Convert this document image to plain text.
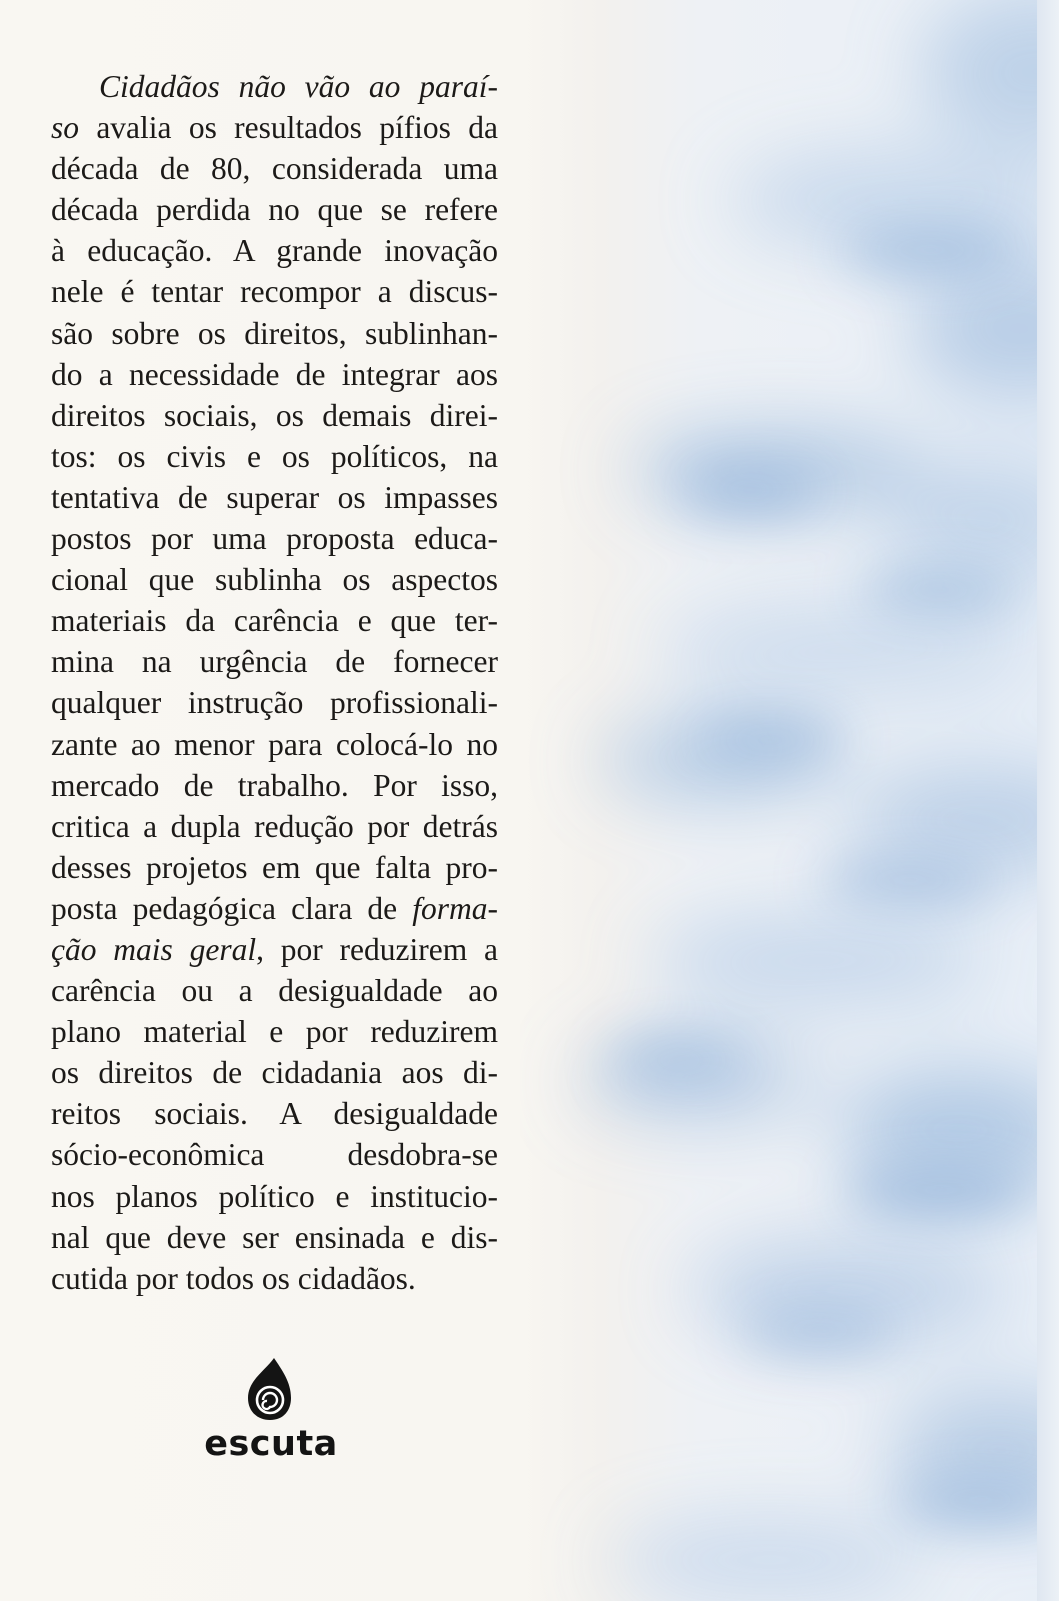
Cidadãos não vão ao paraí-
so avalia os resultados pífios da
década de 80, considerada uma
década perdida no que se refere
à educação. A grande inovação
nele é tentar recompor a discus-
são sobre os direitos, sublinhan-
do a necessidade de integrar aos
direitos sociais, os demais direi-
tos: os civis e os políticos, na
tentativa de superar os impasses
postos por uma proposta educa-
cional que sublinha os aspectos
materiais da carência e que ter-
mina na urgência de fornecer
qualquer instrução profissionali-
zante ao menor para colocá-lo no
mercado de trabalho. Por isso,
critica a dupla redução por detrás
desses projetos em que falta pro-
posta pedagógica clara de forma-
ção mais geral, por reduzirem a
carência ou a desigualdade ao
plano material e por reduzirem
os direitos de cidadania aos di-
reitos sociais. A desigualdade
sócio-econômica desdobra-se
nos planos político e institucio-
nal que deve ser ensinada e dis-
cutida por todos os cidadãos.
escuta
